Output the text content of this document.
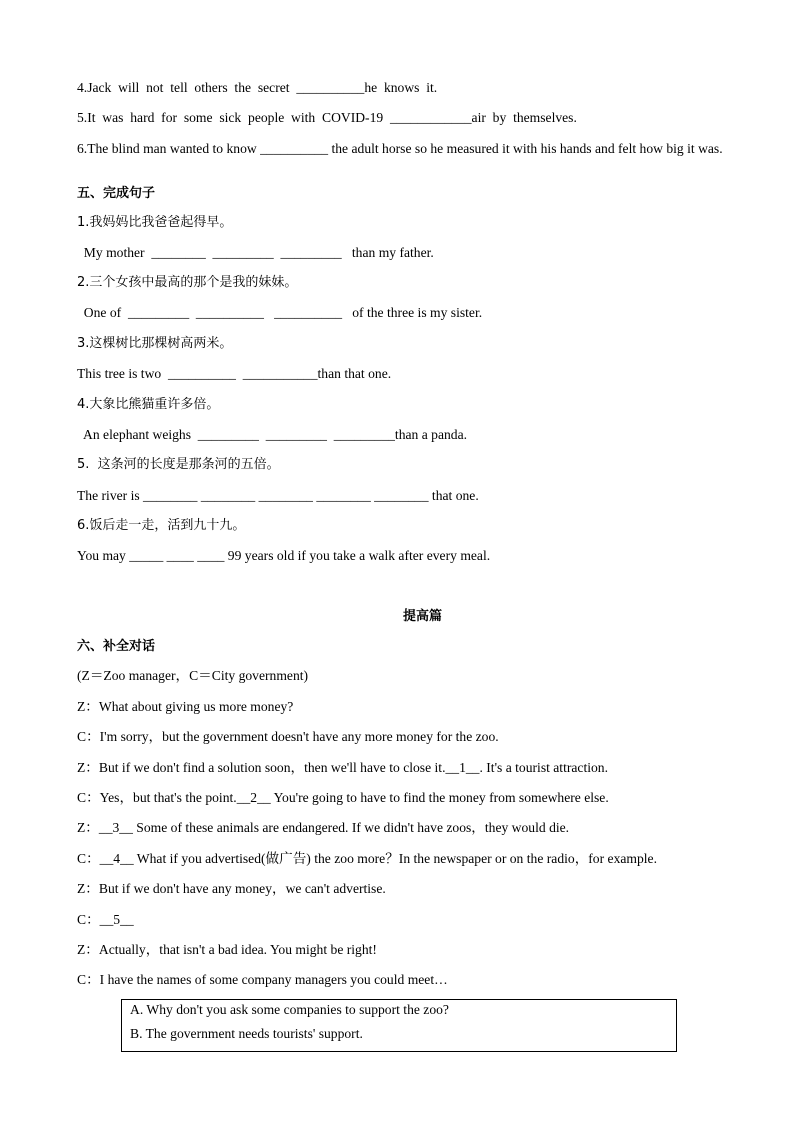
4.Jack  will  not  tell  others  the  secret  __________he  knows  it.
5.It  was  hard  for  some  sick  people  with  COVID-19  ____________air  by  themselves.
6.The blind man wanted to know __________ the adult horse so he measured it with his hands and felt how big it was.
五、完成句子
1.我妈妈比我爸爸起得早。
My mother  ________  _________  _________   than my father.
2.三个女孩中最高的那个是我的妹妹。
One of  _________  __________   __________   of the three is my sister.
3.这棵树比那棵树高两米。
This tree is two  __________  ___________than that one.
4.大象比熊猫重许多倍。
An elephant weighs  _________  _________  _________than a panda.
5.  这条河的长度是那条河的五倍。
The river is ________ ________ ________ ________ ________ that one.
6.饭后走一走，活到九十九。
You may _____ ____ ____ 99 years old if you take a walk after every meal.
提高篇
六、补全对话
(Z＝Zoo manager，C＝City government)
Z：What about giving us more money?
C：I'm sorry，but the government doesn't have any more money for the zoo.
Z：But if we don't find a solution soon，then we'll have to close it.__1__. It's a tourist attraction.
C：Yes，but that's the point.__2__ You're going to have to find the money from somewhere else.
Z：__3__ Some of these animals are endangered. If we didn't have zoos，they would die.
C：__4__ What if you advertised(做广告) the zoo more？In the newspaper or on the radio，for example.
Z：But if we don't have any money，we can't advertise.
C：__5__
Z：Actually，that isn't a bad idea. You might be right!
C：I have the names of some company managers you could meet…
A. Why don't you ask some companies to support the zoo?
B. The government needs tourists' support.
